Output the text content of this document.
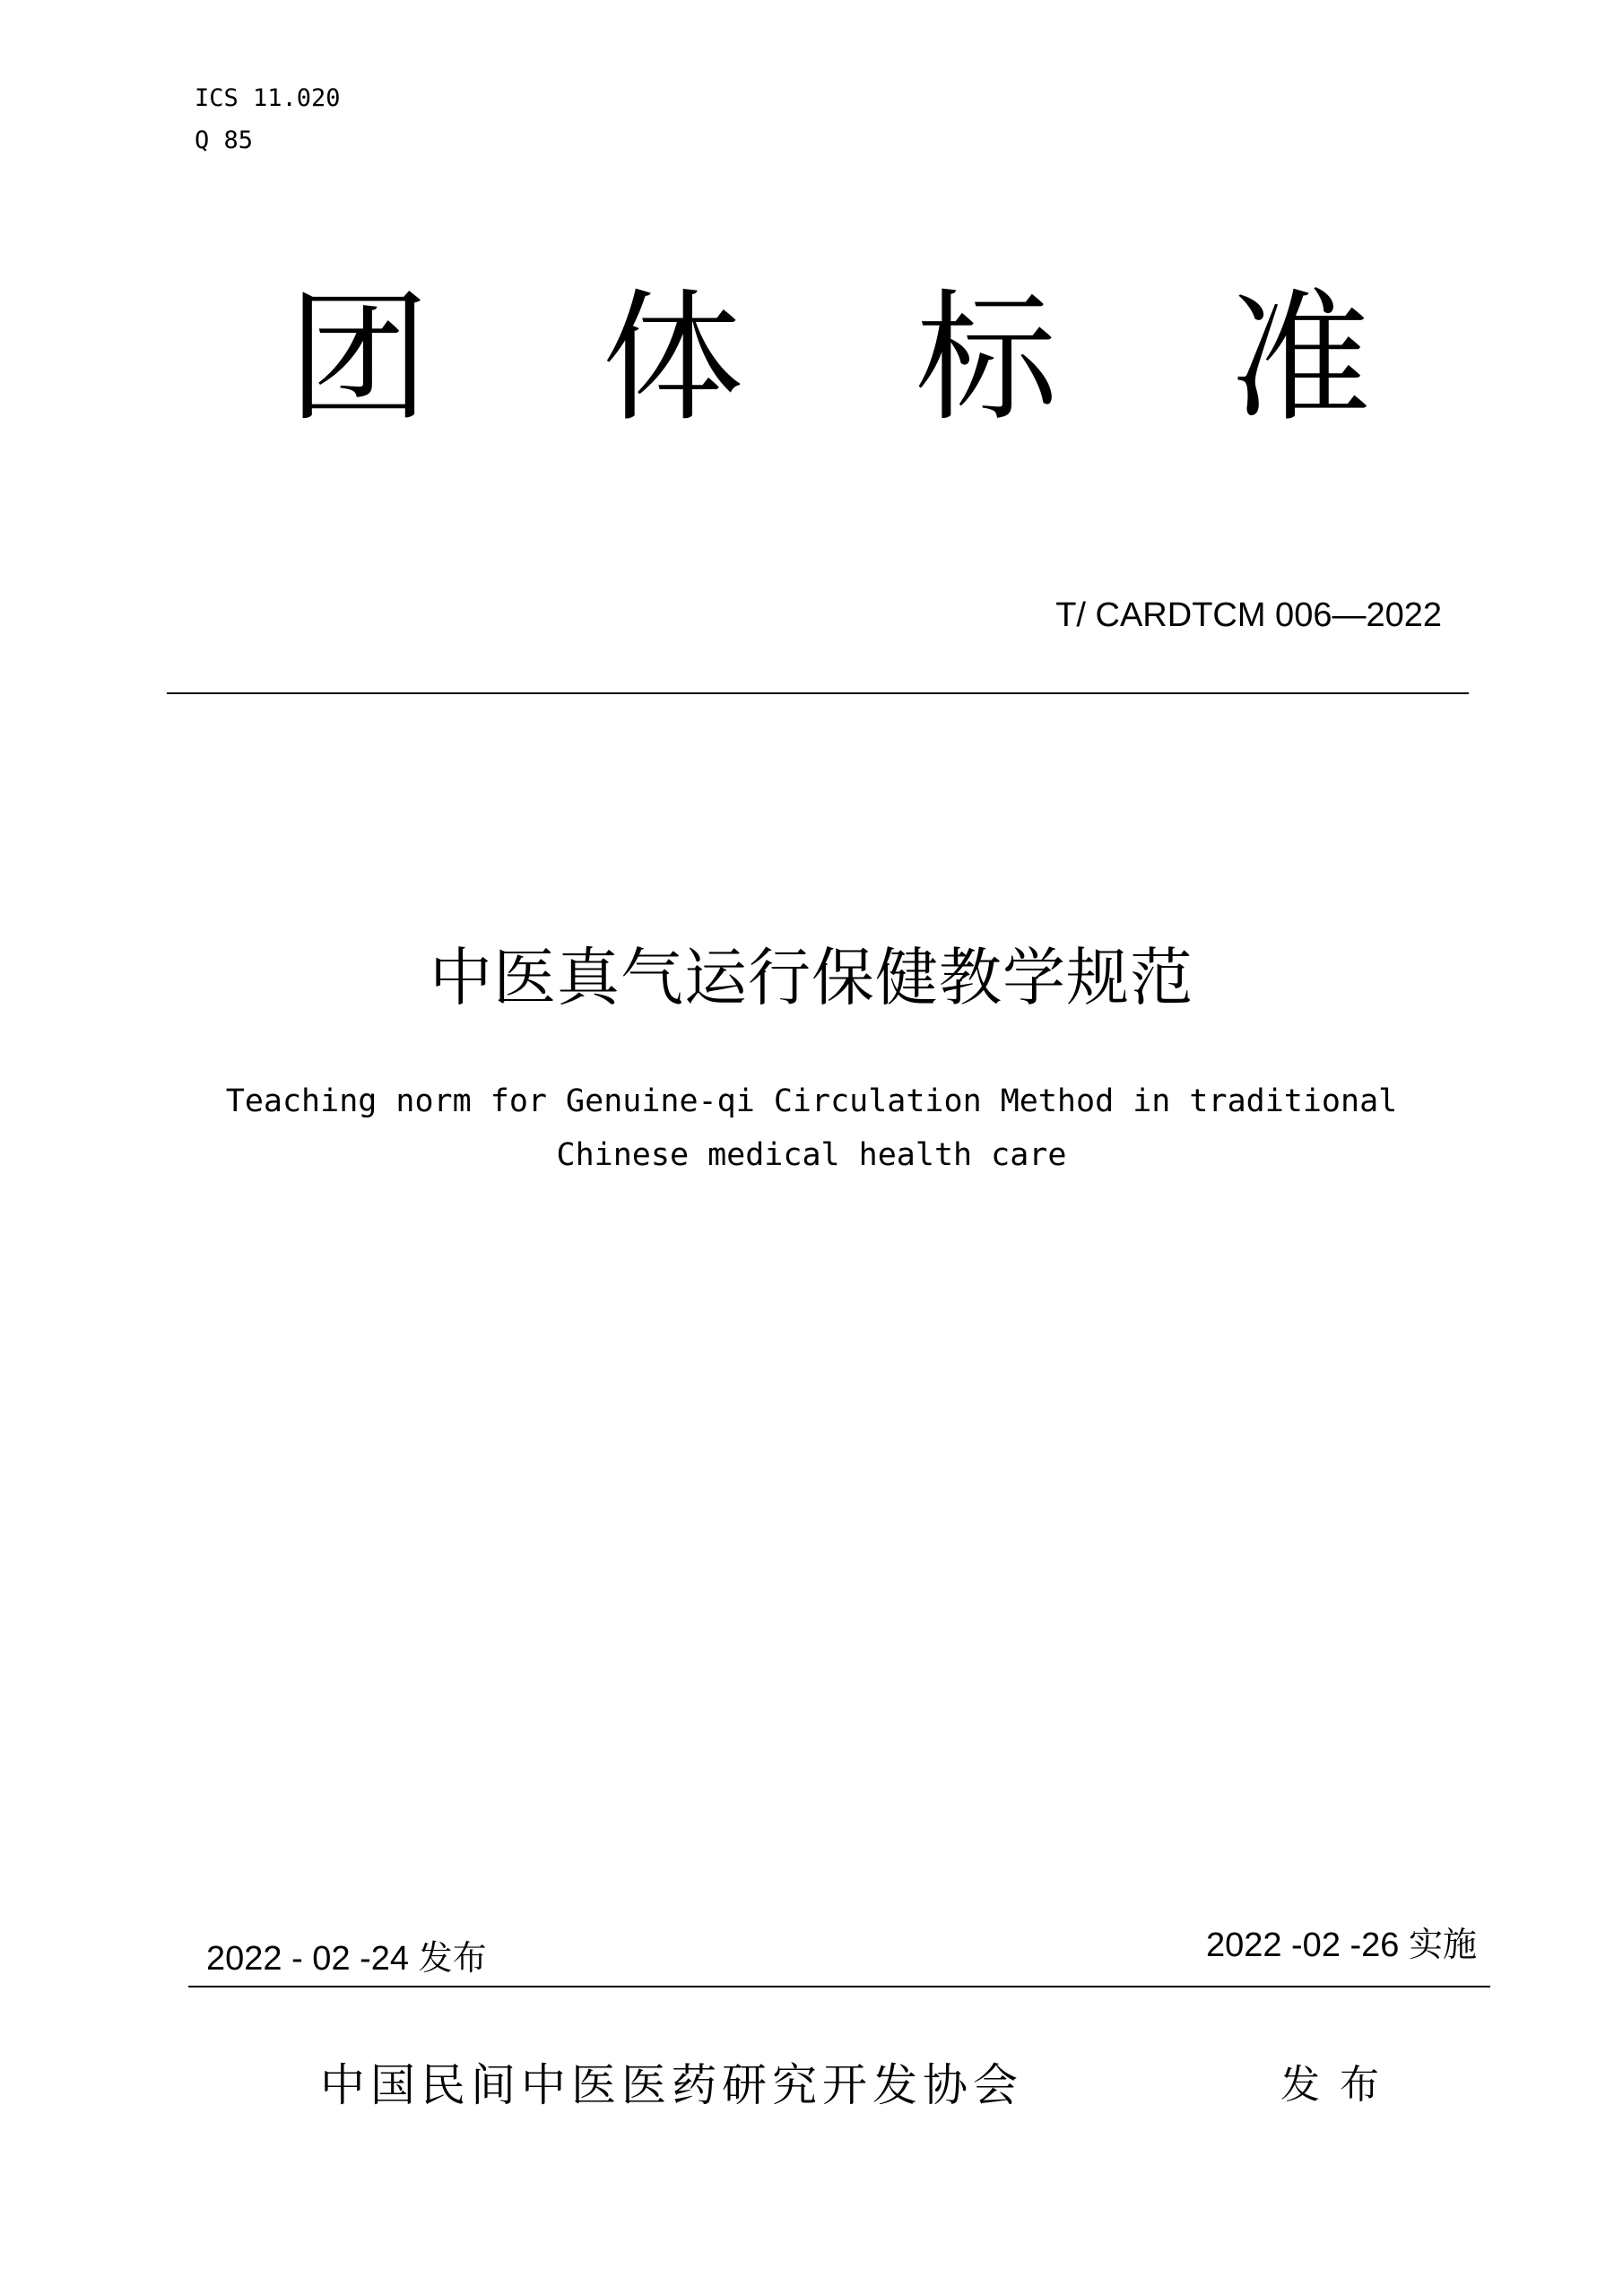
ICS 11.020
Q 85
团 体 标 准
T/ CARDTCM 006—2022
中医真气运行保健教学规范
Teaching norm for Genuine-qi Circulation Method in traditional
Chinese medical health care
2022 - 02 -24 发布	2022 -02 -26 实施
中国民间中医医药研究开发协会	发布
